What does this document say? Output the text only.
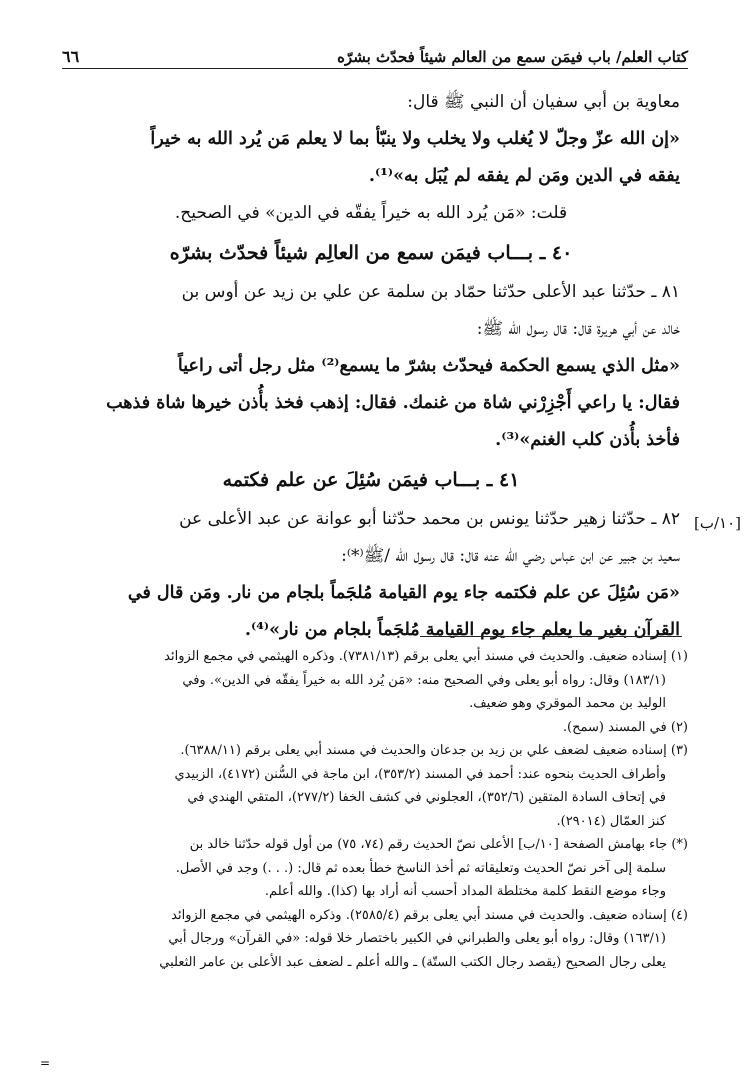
٦٦	كتاب العلم/ باب فيمَن سمع من العالم شيئاً فحدّث بشرّه
معاوية بن أبي سفيان أن النبي ﷺ قال:
«إن الله عزّ وجلّ لا يُغلب ولا يخلب ولا ينبّأ بما لا يعلم مَن يُرد الله به خيراً
يفقه في الدين ومَن لم يفقه لم يُبَل به»⁽¹⁾.
قلت: «مَن يُرد الله به خيراً يفقّه في الدين» في الصحيح.
٤٠ ـ بـــاب فيمَن سمع من العالِم شيئاً فحدّث بشرّه
٨١ ـ حدّثنا عبد الأعلى حدّثنا حمّاد بن سلمة عن علي بن زيد عن أوس بن
خالد عن أبي هريرة قال: قال رسول الله ﷺ:
«مثل الذي يسمع الحكمة فيحدّث بشرّ ما يسمع⁽²⁾ مثل رجل أتى راعياً
فقال: يا راعي أَجْزِرْني شاة من غنمك. فقال: إذهب فخذ بأُذن خيرها شاة فذهب
فأخذ بأُذن كلب الغنم»⁽³⁾.
٤١ ـ بـــاب فيمَن سُئِلَ عن علم فكتمه
٨٢ ـ حدّثنا زهير حدّثنا يونس بن محمد حدّثنا أبو عوانة عن عبد الأعلى عن
سعيد بن جبير عن ابن عباس رضي الله عنه قال: قال رسول الله /ﷺ⁽*⁾:
«مَن سُئِلَ عن علم فكتمه جاء يوم القيامة مُلجَماً بلجام من نار. ومَن قال في
القرآن بغير ما يعلم جاء يوم القيامة مُلجَماً بلجام من نار»⁽⁴⁾.
[١٠/ب]
(١) إسناده ضعيف. والحديث في مسند أبي يعلى برقم (٧٣٨١/١٣). وذكره الهيثمي في مجمع الزوائد
(١٨٣/١) وقال: رواه أبو يعلى وفي الصحيح منه: «مَن يُرد الله به خيراً يفقّه في الدين». وفي
الوليد بن محمد الموقري وهو ضعيف.
(٢) في المسند (سمح).
(٣) إسناده ضعيف لضعف علي بن زيد بن جدعان والحديث في مسند أبي يعلى برقم (٦٣٨٨/١١).
وأطراف الحديث بنحوه عند: أحمد في المسند (٣٥٣/٢)، ابن ماجة في السُّنن (٤١٧٢)، الزبيدي
في إتحاف السادة المتقين (٣٥٢/٦)، العجلوني في كشف الخفا (٢٧٧/٢)، المتقي الهندي في
كنز العمّال (٢٩٠١٤).
(*) جاء بهامش الصفحة [١٠/ب] الأعلى نصّ الحديث رقم (٧٤، ٧٥) من أول قوله حدّثنا خالد بن
سلمة إلى آخر نصّ الحديث وتعليقاته ثم أخذ الناسخ خطأ بعده ثم قال: (. . .) وجد في الأصل.
وجاء موضع النقط كلمة مختلطة المداد أحسب أنه أراد بها (كذا). والله أعلم.
(٤) إسناده ضعيف. والحديث في مسند أبي يعلى برقم (٢٥٨٥/٤). وذكره الهيثمي في مجمع الزوائد
(١٦٣/١) وقال: رواه أبو يعلى والطبراني في الكبير باختصار خلا قوله: «في القرآن» ورجال أبي
يعلى رجال الصحيح (يقصد رجال الكتب الستّة) ـ والله أعلم ـ لضعف عبد الأعلى بن عامر الثعلبي
=
